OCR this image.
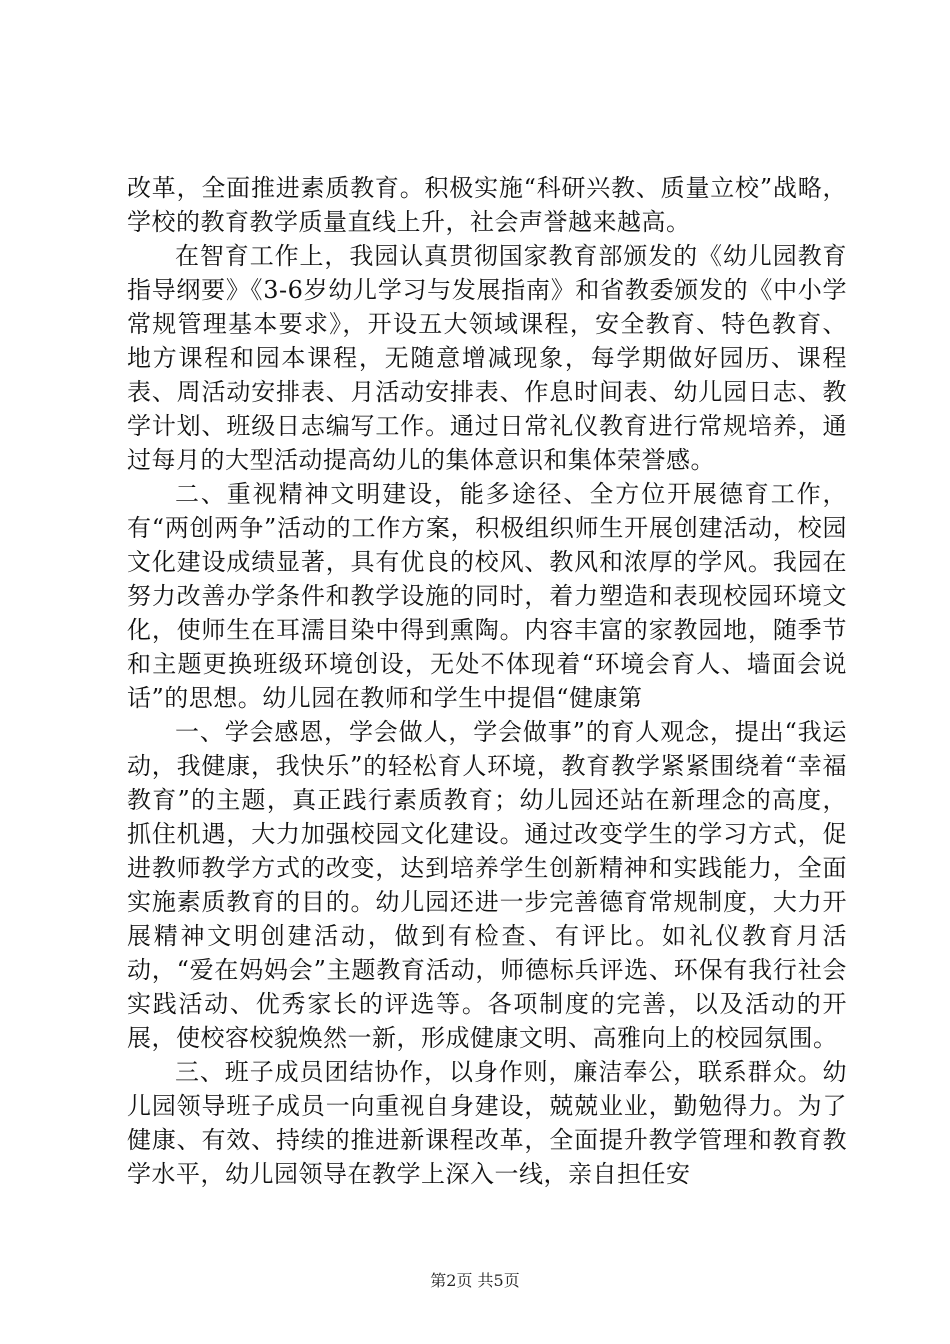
改革，全面推进素质教育。积极实施“科研兴教、质量立校”战略，学校的教育教学质量直线上升，社会声誉越来越高。

在智育工作上，我园认真贯彻国家教育部颁发的《幼儿园教育指导纲要》《3-6岁幼儿学习与发展指南》和省教委颁发的《中小学常规管理基本要求》，开设五大领域课程，安全教育、特色教育、地方课程和园本课程，无随意增减现象，每学期做好园历、课程表、周活动安排表、月活动安排表、作息时间表、幼儿园日志、教学计划、班级日志编写工作。通过日常礼仪教育进行常规培养，通过每月的大型活动提高幼儿的集体意识和集体荣誉感。

二、重视精神文明建设，能多途径、全方位开展德育工作，有“两创两争”活动的工作方案，积极组织师生开展创建活动，校园文化建设成绩显著，具有优良的校风、教风和浓厚的学风。我园在努力改善办学条件和教学设施的同时，着力塑造和表现校园环境文化，使师生在耳濡目染中得到熏陶。内容丰富的家教园地，随季节和主题更换班级环境创设，无处不体现着“环境会育人、墙面会说话”的思想。幼儿园在教师和学生中提倡“健康第

一、学会感恩，学会做人，学会做事”的育人观念，提出“我运动，我健康，我快乐”的轻松育人环境，教育教学紧紧围绕着“幸福教育”的主题，真正践行素质教育；幼儿园还站在新理念的高度，抓住机遇，大力加强校园文化建设。通过改变学生的学习方式，促进教师教学方式的改变，达到培养学生创新精神和实践能力，全面实施素质教育的目的。幼儿园还进一步完善德育常规制度，大力开展精神文明创建活动，做到有检查、有评比。如礼仪教育月活动，“爱在妈妈会”主题教育活动，师德标兵评选、环保有我行社会实践活动、优秀家长的评选等。各项制度的完善，以及活动的开展，使校容校貌焕然一新，形成健康文明、高雅向上的校园氛围。

三、班子成员团结协作，以身作则，廉洁奉公，联系群众。幼儿园领导班子成员一向重视自身建设，兢兢业业，勤勉得力。为了健康、有效、持续的推进新课程改革，全面提升教学管理和教育教学水平，幼儿园领导在教学上深入一线，亲自担任安

第2页 共5页
